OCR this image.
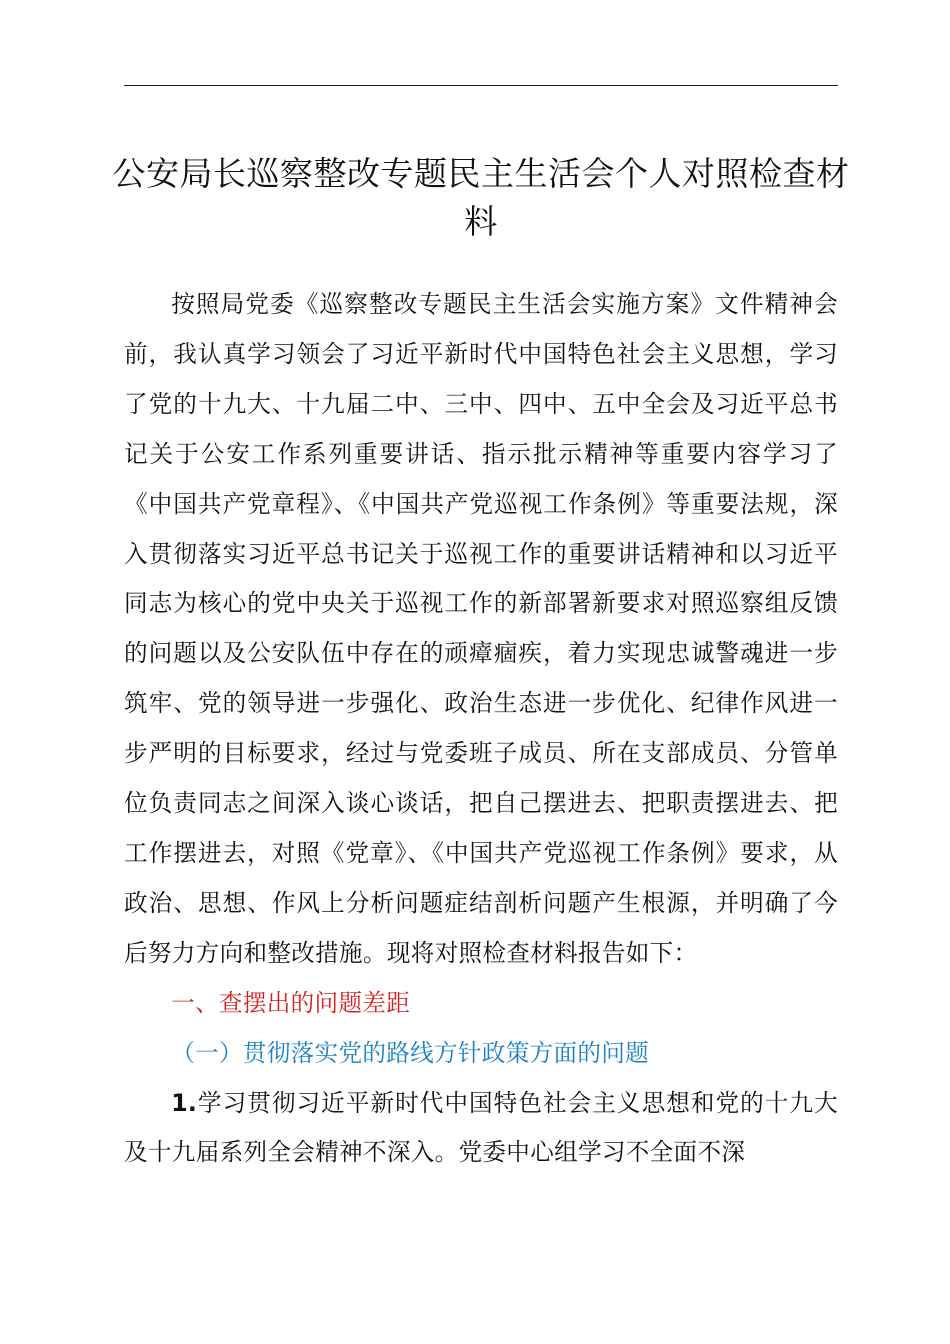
公安局长巡察整改专题民主生活会个人对照检查材料

按照局党委《巡察整改专题民主生活会实施方案》文件精神会前，我认真学习领会了习近平新时代中国特色社会主义思想，学习了党的十九大、十九届二中、三中、四中、五中全会及习近平总书记关于公安工作系列重要讲话、指示批示精神等重要内容学习了《中国共产党章程》、《中国共产党巡视工作条例》等重要法规，深入贯彻落实习近平总书记关于巡视工作的重要讲话精神和以习近平同志为核心的党中央关于巡视工作的新部署新要求对照巡察组反馈的问题以及公安队伍中存在的顽瘴痼疾，着力实现忠诚警魂进一步筑牢、党的领导进一步强化、政治生态进一步优化、纪律作风进一步严明的目标要求，经过与党委班子成员、所在支部成员、分管单位负责同志之间深入谈心谈话，把自己摆进去、把职责摆进去、把工作摆进去，对照《党章》、《中国共产党巡视工作条例》要求，从政治、思想、作风上分析问题症结剖析问题产生根源，并明确了今后努力方向和整改措施。现将对照检查材料报告如下：

一、查摆出的问题差距

（一）贯彻落实党的路线方针政策方面的问题

1.学习贯彻习近平新时代中国特色社会主义思想和党的十九大及十九届系列全会精神不深入。党委中心组学习不全面不深
